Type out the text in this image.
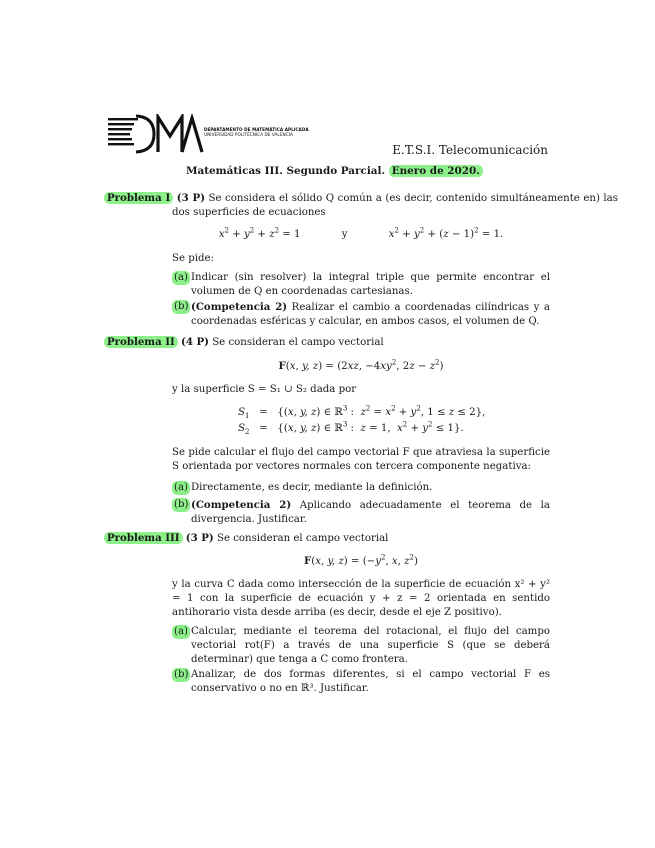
DEPARTAMENTO DE MATEMÁTICA APLICADA
UNIVERSIDAD POLITÉCNICA DE VALENCIA
E.T.S.I. Telecomunicación
Matemáticas III. Segundo Parcial. Enero de 2020.
Problema I (3 P) Se considera el sólido Q común a (es decir, contenido simultáneamente en) las dos superficies de ecuaciones
$x^2 + y^2 + z^2 = 1$	y	$x^2 + y^2 + (z - 1)^2 = 1$.
Se pide:
(a) Indicar (sin resolver) la integral triple que permite encontrar el volumen de Q en coordenadas cartesianas.
(b) (Competencia 2) Realizar el cambio a coordenadas cilíndricas y a coordenadas esféricas y calcular, en ambos casos, el volumen de Q.
Problema II (4 P) Se consideran el campo vectorial
F(x, y, z) = (2xz, $-4xy^2$, $2z - z^2$)
y la superficie S = S₁ ∪ S₂ dada por
$S_1 = \{(x$, y, z) ∈ ℝ$^3$ :  $z^2 = x^2 + y^2$, 1 ≤ z ≤ 2},
$S_2 = \{(x$, y, z) ∈ ℝ$^3$ :  z = 1,  $x^2 + y^2 \le 1$}.
Se pide calcular el flujo del campo vectorial F que atraviesa la superficie S orientada por vectores normales con tercera componente negativa:
(a) Directamente, es decir, mediante la definición.
(b) (Competencia 2) Aplicando adecuadamente el teorema de la divergencia. Justificar.
Problema III (3 P) Se consideran el campo vectorial
F(x, y, $z) = (-y^2$, x, $z^2$)
y la curva C dada como intersección de la superficie de ecuación x² + y² = 1 con la superficie de ecuación y + z = 2 orientada en sentido antihorario vista desde arriba (es decir, desde el eje Z positivo).
(a) Calcular, mediante el teorema del rotacional, el flujo del campo vectorial rot(F) a través de una superficie S (que se deberá determinar) que tenga a C como frontera.
(b) Analizar, de dos formas diferentes, si el campo vectorial F es conservativo o no en ℝ³. Justificar.
